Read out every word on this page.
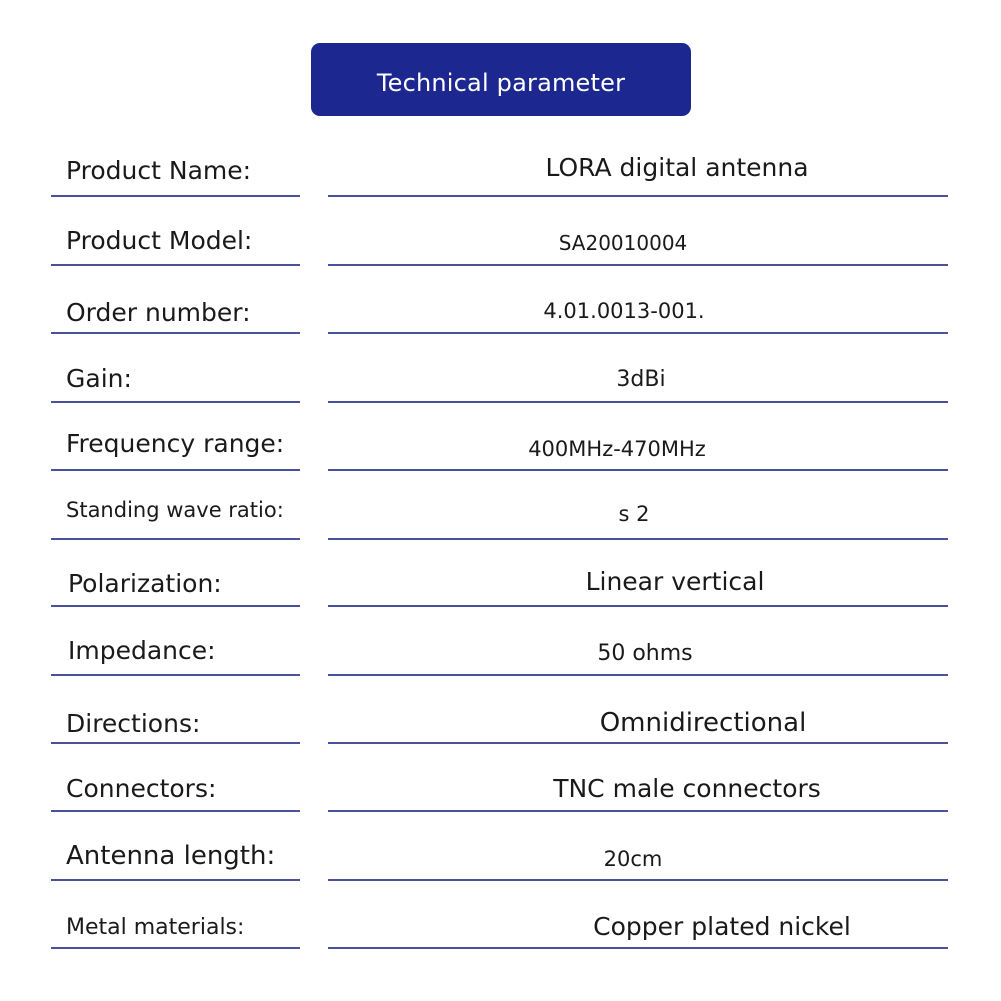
Technical parameter
Product Name:	LORA digital antenna
Product Model:	SA20010004
Order number:	4.01.0013-001.
Gain:	3dBi
Frequency range:	400MHz-470MHz
Standing wave ratio:	s 2
Polarization:	Linear vertical
Impedance:	50 ohms
Directions:	Omnidirectional
Connectors:	TNC male connectors
Antenna length:	20cm
Metal materials:	Copper plated nickel
